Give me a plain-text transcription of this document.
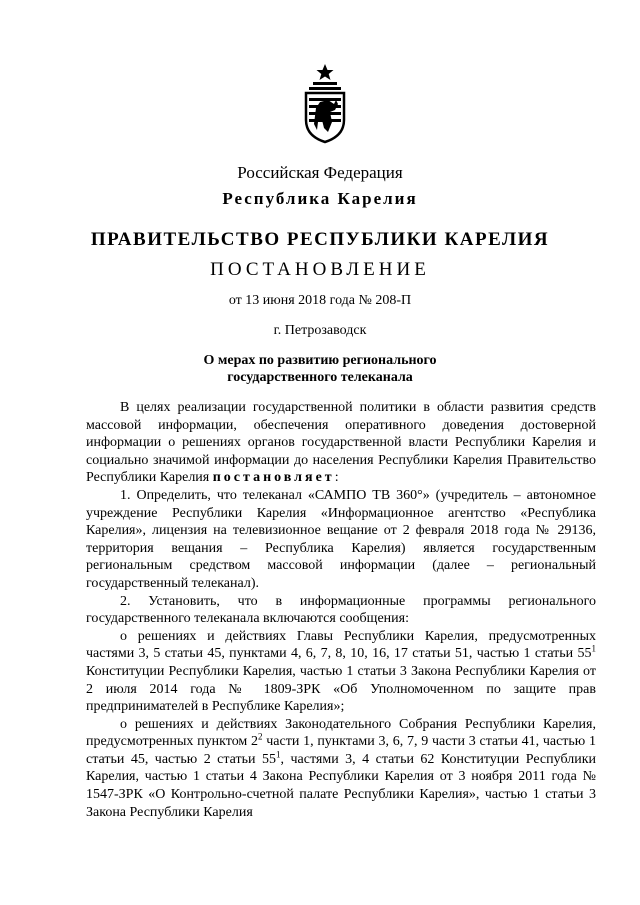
Российская Федерация
Республика Карелия
ПРАВИТЕЛЬСТВО РЕСПУБЛИКИ КАРЕЛИЯ
ПОСТАНОВЛЕНИЕ
от 13 июня 2018 года № 208-П
г. Петрозаводск
О мерах по развитию регионального
государственного телеканала

В целях реализации государственной политики в области развития средств массовой информации, обеспечения оперативного доведения достоверной информации о решениях органов государственной власти Республики Карелия и социально значимой информации до населения Республики Карелия Правительство Республики Карелия постановляет:

1. Определить, что телеканал «САМПО ТВ 360°» (учредитель – автономное учреждение Республики Карелия «Информационное агентство «Республика Карелия», лицензия на телевизионное вещание от 2 февраля 2018 года № 29136, территория вещания – Республика Карелия) является государственным региональным средством массовой информации (далее – региональный государственный телеканал).

2. Установить, что в информационные программы регионального государственного телеканала включаются сообщения:

о решениях и действиях Главы Республики Карелия, предусмотренных частями 3, 5 статьи 45, пунктами 4, 6, 7, 8, 10, 16, 17 статьи 51, частью 1 статьи $55^1$ Конституции Республики Карелия, частью 1 статьи 3 Закона Республики Карелия от 2 июля 2014 года № 1809-ЗРК «Об Уполномоченном по защите прав предпринимателей в Республике Карелия»;

о решениях и действиях Законодательного Собрания Республики Карелия, предусмотренных пунктом $2^2$ части 1, пунктами 3, 6, 7, 9 части 3 статьи 41, частью 1 статьи 45, частью 2 статьи $55^1$, частями 3, 4 статьи 62 Конституции Республики Карелия, частью 1 статьи 4 Закона Республики Карелия от 3 ноября 2011 года № 1547-ЗРК «О Контрольно-счетной палате Республики Карелия», частью 1 статьи 3 Закона Республики Карелия
